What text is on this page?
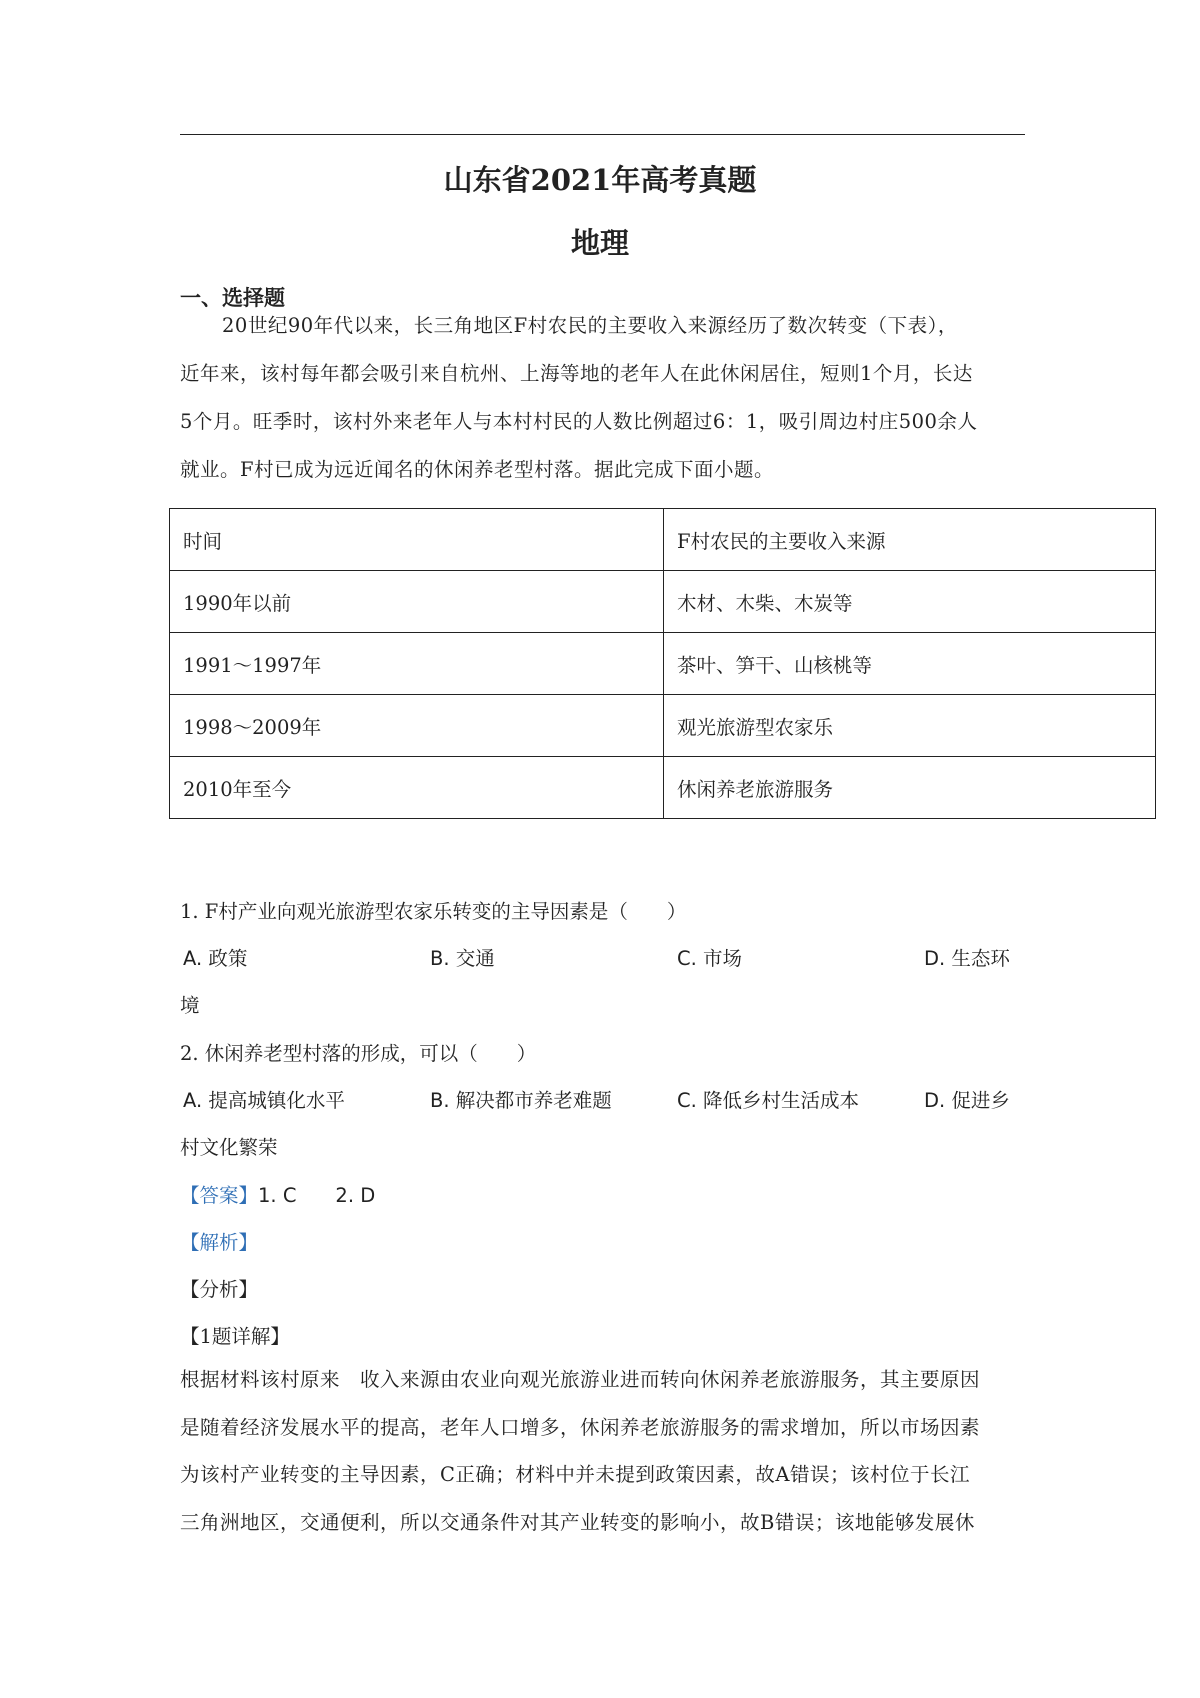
山东省2021年高考真题
地理
一、选择题
20世纪90年代以来，长三角地区F村农民的主要收入来源经历了数次转变（下表），
近年来，该村每年都会吸引来自杭州、上海等地的老年人在此休闲居住，短则1个月，长达
5个月。旺季时，该村外来老年人与本村村民的人数比例超过6：1，吸引周边村庄500余人
就业。F村已成为远近闻名的休闲养老型村落。据此完成下面小题。
时间	F村农民的主要收入来源
1990年以前	木材、木柴、木炭等
1991～1997年	茶叶、笋干、山核桃等
1998～2009年	观光旅游型农家乐
2010年至今	休闲养老旅游服务
1. F村产业向观光旅游型农家乐转变的主导因素是（　　）
A. 政策	B. 交通	C. 市场	D. 生态环
境
2. 休闲养老型村落的形成，可以（　　）
A. 提高城镇化水平	B. 解决都市养老难题	C. 降低乡村生活成本	D. 促进乡
村文化繁荣
【答案】1. C　　2. D
【解析】
【分析】
【1题详解】
根据材料该村原来　收入来源由农业向观光旅游业进而转向休闲养老旅游服务，其主要原因
是随着经济发展水平的提高，老年人口增多，休闲养老旅游服务的需求增加，所以市场因素
为该村产业转变的主导因素，C正确；材料中并未提到政策因素，故A错误；该村位于长江
三角洲地区，交通便利，所以交通条件对其产业转变的影响小，故B错误；该地能够发展休
